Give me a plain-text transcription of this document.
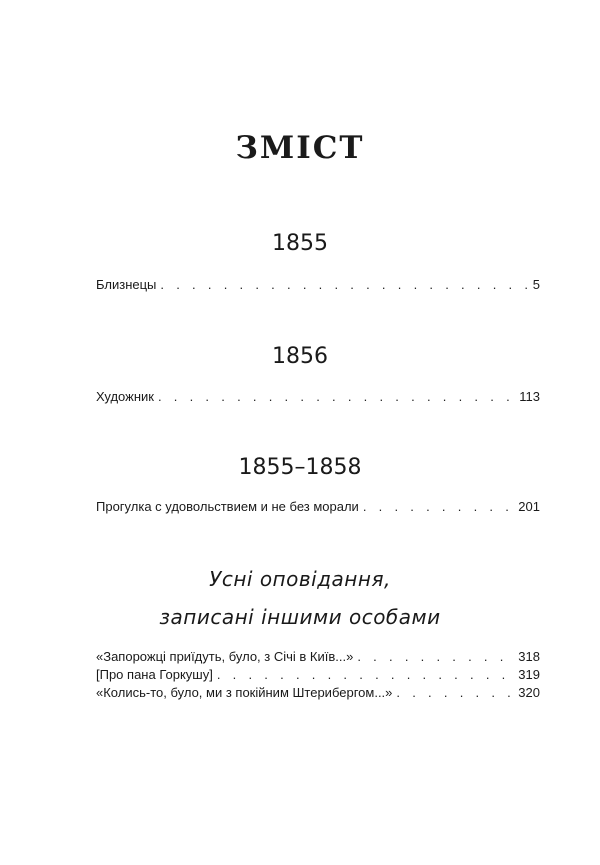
ЗМІСТ
1855
Близнецы . . .	5
1856
Художник . . .	113
1855–1858
Прогулка с удовольствием и не без морали . . .	201
Усні оповідання,
записані іншими особами
«Запорожці приїдуть, було, з Січі в Київ...» . . .	318
[Про пана Горкушу] . . .	319
«Колись-то, було, ми з покійним Штерибергом...» . . .	320
